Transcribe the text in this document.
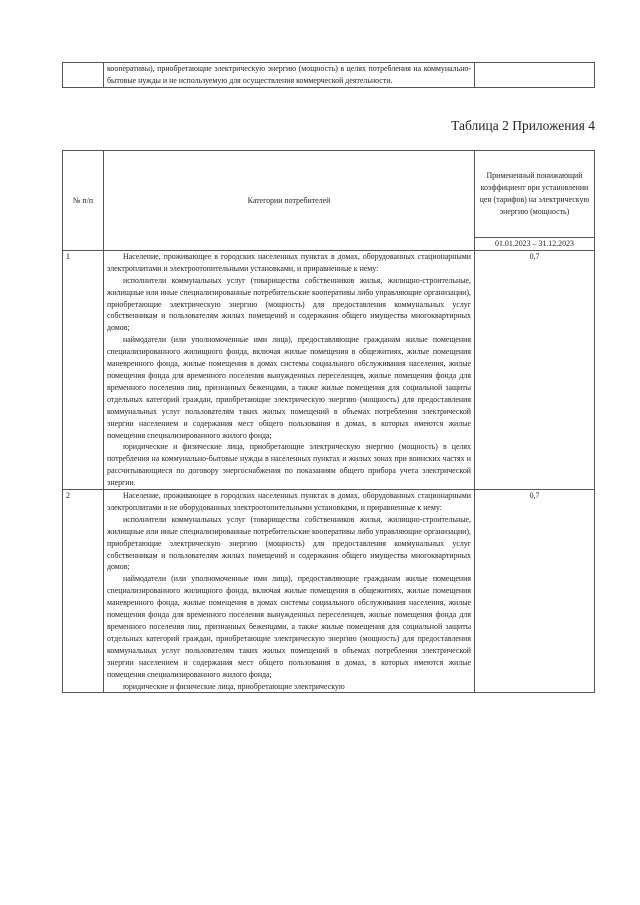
кооперативы), приобретающие электрическую энергию (мощность) в целях потребления на коммунально-бытовые нужды и не используемую для осуществления коммерческой деятельности.

Таблица 2 Приложения 4
№ п/п	Категории потребителей	Примененный понижающий коэффициент при установлении цен (тарифов) на электрическую энергию (мощность)
		01.01.2023 – 31.12.2023
1	Население, проживающее в городских населенных пунктах в домах, оборудованных стационарными электроплитами и электроотопительными установками, и приравненные к нему:

исполнители коммунальных услуг (товарищества собственников жилья, жилищно-строительные, жилищные или иные специализированные потребительские кооперативы либо управляющие организации), приобретающие электрическую энергию (мощность) для предоставления коммунальных услуг собственникам и пользователям жилых помещений и содержания общего имущества многоквартирных домов;

наймодатели (или уполномоченные ими лица), предоставляющие гражданам жилые помещения специализированного жилищного фонда, включая жилые помещения в общежитиях, жилые помещения маневренного фонда, жилые помещения в домах системы социального обслуживания населения, жилые помещения фонда для временного поселения вынужденных переселенцев, жилые помещения фонда для временного поселения лиц, признанных беженцами, а также жилые помещения для социальной защиты отдельных категорий граждан, приобретающие электрическую энергию (мощность) для предоставления коммунальных услуг пользователям таких жилых помещений в объемах потребления электрической энергии населением и содержания мест общего пользования в домах, в которых имеются жилые помещения специализированного жилого фонда;

юридические и физические лица, приобретающие электрическую энергию (мощность) в целях потребления на коммунально-бытовые нужды в населенных пунктах и жилых зонах при воинских частях и рассчитывающиеся по договору энергоснабжения по показаниям общего прибора учета электрической энергии.	0,7
2	Население, проживающее в городских населенных пунктах в домах, оборудованных стационарными электроплитами и не оборудованных электроотопительными установками, и приравненные к нему:

исполнители коммунальных услуг (товарищества собственников жилья, жилищно-строительные, жилищные или иные специализированные потребительские кооперативы либо управляющие организации), приобретающие электрическую энергию (мощность) для предоставления коммунальных услуг собственникам и пользователям жилых помещений и содержания общего имущества многоквартирных домов;

наймодатели (или уполномоченные ими лица), предоставляющие гражданам жилые помещения специализированного жилищного фонда, включая жилые помещения в общежитиях, жилые помещения маневренного фонда, жилые помещения в домах системы социального обслуживания населения, жилые помещения фонда для временного поселения вынужденных переселенцев, жилые помещения фонда для временного поселения лиц, признанных беженцами, а также жилые помещения для социальной защиты отдельных категорий граждан, приобретающие электрическую энергию (мощность) для предоставления коммунальных услуг пользователям таких жилых помещений в объемах потребления электрической энергии населением и содержания мест общего пользования в домах, в которых имеются жилые помещения специализированного жилого фонда;

юридические и физические лица, приобретающие электрическую	0,7
